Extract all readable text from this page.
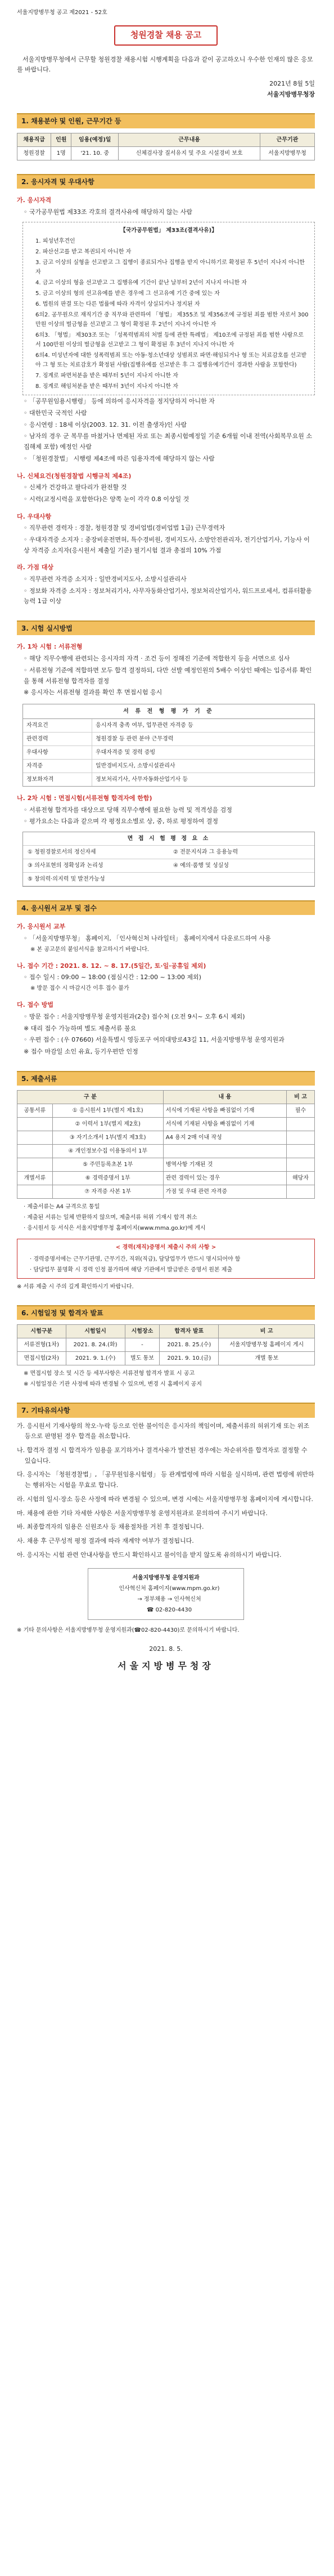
서울지방병무청 공고 제2021 - 52호
청원경찰 채용 공고
서울지방병무청에서 근무할 청원경찰 채용시험 시행계획을 다음과 같이 공고하오니 우수한 인재의 많은 응모를 바랍니다.
2021년 8월 5일
서울지방병무청장
1. 채용분야 및 인원, 근무기간 등
채용직급	인원	임용(예정)일	근무내용	근무기관
청원경찰	1명	'21. 10. 중	신체검사장 질서유지 및 주요 시설경비 보호	서울지방병무청
2. 응시자격 및 우대사항
가. 응시자격
◦ 국가공무원법 제33조 각호의 결격사유에 해당하지 않는 사람
【국가공무원법」 제33조(결격사유)】
1. 피성년후견인
2. 파산선고를 받고 복권되지 아니한 자
3. 금고 이상의 실형을 선고받고 그 집행이 종료되거나 집행을 받지 아니하기로 확정된 후 5년이 지나지 아니한 자
4. 금고 이상의 형을 선고받고 그 집행유예 기간이 끝난 날부터 2년이 지나지 아니한 자
5. 금고 이상의 형의 선고유예를 받은 경우에 그 선고유예 기간 중에 있는 자
6. 법원의 판결 또는 다른 법률에 따라 자격이 상실되거나 정지된 자
6의2. 공무원으로 재직기간 중 직무와 관련하여 「형법」 제355조 및 제356조에 규정된 죄를 범한 자로서 300만원 이상의 벌금형을 선고받고 그 형이 확정된 후 2년이 지나지 아니한 자
6의3. 「형법」 제303조 또는 「성폭력범죄의 처벌 등에 관한 특례법」 제10조에 규정된 죄를 범한 사람으로서 100만원 이상의 벌금형을 선고받고 그 형이 확정된 후 3년이 지나지 아니한 자
6의4. 미성년자에 대한 성폭력범죄 또는 아동·청소년대상 성범죄로 파면·해임되거나 형 또는 치료감호를 선고받아 그 형 또는 치료감호가 확정된 사람(집행유예를 선고받은 후 그 집행유예기간이 경과한 사람을 포함한다)
7. 징계로 파면처분을 받은 때부터 5년이 지나지 아니한 자
8. 징계로 해임처분을 받은 때부터 3년이 지나지 아니한 자
◦ 「공무원임용시행령」 등에 의하여 응시자격을 정지당하지 아니한 자
◦ 대한민국 국적인 사람
◦ 응시연령 : 18세 이상(2003. 12. 31. 이전 출생자)인 사람
◦ 남자의 경우 군 복무를 마쳤거나 면제된 자로 또는 최종시험예정일 기준 6개월 이내 전역(사회복무요원 소집해제 포함) 예정인 사람
◦ 「청원경찰법」 시행령 제4조에 따른 임용자격에 해당하지 않는 사람
나. 신체요건(청원경찰법 시행규칙 제4조)
◦ 신체가 건강하고 팔다리가 완전할 것
◦ 시력(교정시력을 포함한다)은 양쪽 눈이 각각 0.8 이상일 것
다. 우대사항
◦ 직무관련 경력자 : 경찰, 청원경찰 및 경비업법(경비업법 1급) 근무경력자
◦ 우대자격증 소지자 : 중장비운전면허, 특수경비원, 경비지도사, 소방안전관리자, 전기산업기사, 기능사 이상 자격증 소지자(응시원서 제출일 기준) 필기시험 결과 총점의 10% 가점
라. 가점 대상
◦ 직무관련 자격증 소지자 : 일반경비지도사, 소방시설관리사
◦ 정보화 자격증 소지자 : 정보처리기사, 사무자동화산업기사, 정보처리산업기사, 워드프로세서, 컴퓨터활용능력 1급 이상
3. 시험 실시방법
가. 1차 시험 : 서류전형
◦ 해당 직무수행에 관련되는 응시자의 자격 · 조건 등이 정해진 기준에 적합한지 등을 서면으로 심사
◦ 서류전형 기준에 적합하면 모두 합격 결정하되, 다만 선발 예정인원의 5배수 이상인 때에는 입증서류 확인을 통해 서류전형 합격자를 결정
※ 응시자는 서류전형 결과를 확인 후 면접시험 응시
서 류 전 형 평 가 기 준
자격요건	응시자격 충족 여부, 업무관련 자격증 등
관련경력	청원경찰 등 관련 분야 근무경력
우대사항	우대자격증 및 경력 증빙
자격증	일반경비지도사, 소방시설관리사
정보화자격	정보처리기사, 사무자동화산업기사 등
나. 2차 시험 : 면접시험(서류전형 합격자에 한함)
◦ 서류전형 합격자를 대상으로 당해 직무수행에 필요한 능력 및 적격성을 검정
◦ 평가요소는 다음과 같으며 각 평정요소별로 상, 중, 하로 평정하여 결정
면 접 시 험 평 정 요 소
① 청원경찰로서의 정신자세	② 전문지식과 그 응용능력
③ 의사표현의 정확성과 논리성	④ 예의·품행 및 성실성
⑤ 창의력·의지력 및 발전가능성
4. 응시원서 교부 및 접수
가. 응시원서 교부
◦ 「서울지방병무청」 홈페이지, 「인사혁신처 나라일터」 홈페이지에서 다운로드하여 사용
※ 본 공고문의 붙임서식을 참고하시기 바랍니다.
나. 접수 기간 : 2021. 8. 12. ~ 8. 17.(5일간, 토·일·공휴일 제외)
◦ 접수 일시 : 09:00 ~ 18:00 (점심시간 : 12:00 ~ 13:00 제외)
※ 방문 접수 시 마감시간 이후 접수 불가
다. 접수 방법
◦ 방문 접수 : 서울지방병무청 운영지원과(2층) 접수처 (오전 9시~ 오후 6시 제외)
※ 대리 접수 가능하며 별도 제출서류 불요
◦ 우편 접수 : (우 07660) 서울특별시 영등포구 여의대방로43길 11, 서울지방병무청 운영지원과
※ 접수 마감일 소인 유효, 등기우편만 인정
5. 제출서류
구 분		내 용	비 고
공통서류	① 응시원서 1부(별지 제1호)	서식에 기재된 사항을 빠짐없이 기재	필수
	② 이력서 1부(별지 제2호)	서식에 기재된 사항을 빠짐없이 기재	
	③ 자기소개서 1부(별지 제3호)	A4 용지 2매 이내 작성	
	④ 개인정보수집 이용동의서 1부		
	⑤ 주민등록초본 1부	병역사항 기재된 것	
개별서류	⑥ 경력증명서 1부	관련 경력이 있는 경우	해당자
	⑦ 자격증 사본 1부	가점 및 우대 관련 자격증	
· 제출서류는 A4 규격으로 통일
· 제출된 서류는 일체 반환하지 않으며, 제출서류 허위 기재시 합격 취소
· 응시원서 등 서식은 서울지방병무청 홈페이지(www.mma.go.kr)에 게시
< 경력(재직)증명서 제출시 주의 사항 >
· 경력증명서에는 근무기관명, 근무기간, 직위(직급), 담당업무가 반드시 명시되어야 함
· 담당업무 불명확 시 경력 인정 불가하며 해당 기관에서 발급받은 증명서 원본 제출
※ 서류 제출 시 주의 깊게 확인하시기 바랍니다.
6. 시험일정 및 합격자 발표
시험구분	시험일시	시험장소	합격자 발표	비 고
서류전형(1차)	2021. 8. 24.(화)	-	2021. 8. 25.(수)	서울지방병무청 홈페이지 게시
면접시험(2차)	2021. 9. 1.(수)	별도 통보	2021. 9. 10.(금)	개별 통보
※ 면접시험 장소 및 시간 등 세부사항은 서류전형 합격자 발표 시 공고
※ 시험일정은 기관 사정에 따라 변경될 수 있으며, 변경 시 홈페이지 공지
7. 기타유의사항
가. 응시원서 기재사항의 착오·누락 등으로 인한 불이익은 응시자의 책임이며, 제출서류의 허위기재 또는 위조 등으로 판명된 경우 합격을 취소합니다.
나. 합격자 결정 시 합격자가 임용을 포기하거나 결격사유가 발견된 경우에는 차순위자를 합격자로 결정할 수 있습니다.
다. 응시자는 「청원경찰법」, 「공무원임용시험령」 등 관계법령에 따라 시험을 실시하며, 관련 법령에 위반하는 행위자는 시험을 무효로 합니다.
라. 시험의 일시·장소 등은 사정에 따라 변경될 수 있으며, 변경 시에는 서울지방병무청 홈페이지에 게시합니다.
마. 채용에 관한 기타 자세한 사항은 서울지방병무청 운영지원과로 문의하여 주시기 바랍니다.
바. 최종합격자의 임용은 신원조사 등 채용절차를 거친 후 결정됩니다.
사. 채용 후 근무성적 평정 결과에 따라 재계약 여부가 결정됩니다.
아. 응시자는 시험 관련 안내사항을 반드시 확인하시고 불이익을 받지 않도록 유의하시기 바랍니다.
서울지방병무청 운영지원과
인사혁신처 홈페이지(www.mpm.go.kr)
→ 정부채용 → 인사혁신처
☎ 02-820-4430
※ 기타 문의사항은 서울지방병무청 운영지원과(☎02-820-4430)로 문의하시기 바랍니다.
2021. 8. 5.
서울지방병무청장
